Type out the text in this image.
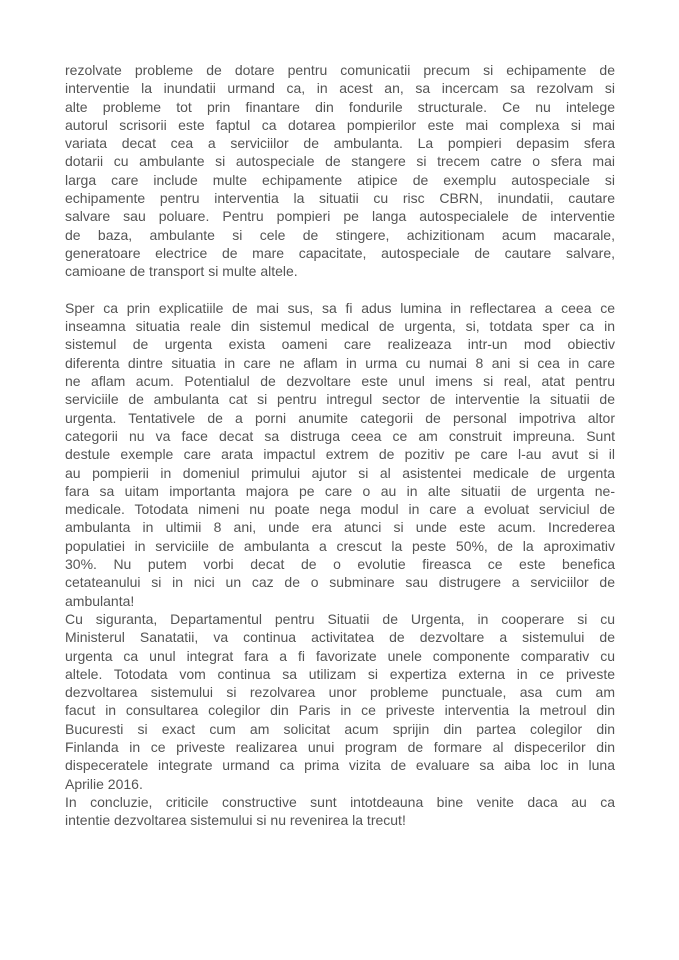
rezolvate probleme de dotare pentru comunicatii precum si echipamente de
interventie la inundatii urmand ca, in acest an, sa incercam sa rezolvam si
alte probleme tot prin finantare din fondurile structurale. Ce nu intelege
autorul scrisorii este faptul ca dotarea pompierilor este mai complexa si mai
variata decat cea a serviciilor de ambulanta. La pompieri depasim sfera
dotarii cu ambulante si autospeciale de stangere si trecem catre o sfera mai
larga care include multe echipamente atipice de exemplu autospeciale si
echipamente pentru interventia la situatii cu risc CBRN, inundatii, cautare
salvare sau poluare. Pentru pompieri pe langa autospecialele de interventie
de baza, ambulante si cele de stingere, achizitionam acum macarale,
generatoare electrice de mare capacitate, autospeciale de cautare salvare,
camioane de transport si multe altele.
Sper ca prin explicatiile de mai sus, sa fi adus lumina in reflectarea a ceea ce
inseamna situatia reale din sistemul medical de urgenta, si, totdata sper ca in
sistemul de urgenta exista oameni care realizeaza intr-un mod obiectiv
diferenta dintre situatia in care ne aflam in urma cu numai 8 ani si cea in care
ne aflam acum. Potentialul de dezvoltare este unul imens si real, atat pentru
serviciile de ambulanta cat si pentru intregul sector de interventie la situatii de
urgenta. Tentativele de a porni anumite categorii de personal impotriva altor
categorii nu va face decat sa distruga ceea ce am construit impreuna. Sunt
destule exemple care arata impactul extrem de pozitiv pe care l-au avut si il
au pompierii in domeniul primului ajutor si al asistentei medicale de urgenta
fara sa uitam importanta majora pe care o au in alte situatii de urgenta ne-
medicale. Totodata nimeni nu poate nega modul in care a evoluat serviciul de
ambulanta in ultimii 8 ani, unde era atunci si unde este acum. Increderea
populatiei in serviciile de ambulanta a crescut la peste 50%, de la aproximativ
30%. Nu putem vorbi decat de o evolutie fireasca ce este benefica
cetateanului si in nici un caz de o subminare sau distrugere a serviciilor de
ambulanta!
Cu siguranta, Departamentul pentru Situatii de Urgenta, in cooperare si cu
Ministerul Sanatatii, va continua activitatea de dezvoltare a sistemului de
urgenta ca unul integrat fara a fi favorizate unele componente comparativ cu
altele. Totodata vom continua sa utilizam si expertiza externa in ce priveste
dezvoltarea sistemului si rezolvarea unor probleme punctuale, asa cum am
facut in consultarea colegilor din Paris in ce priveste interventia la metroul din
Bucuresti si exact cum am solicitat acum sprijin din partea colegilor din
Finlanda in ce priveste realizarea unui program de formare al dispecerilor din
dispeceratele integrate urmand ca prima vizita de evaluare sa aiba loc in luna
Aprilie 2016.
In concluzie, criticile constructive sunt intotdeauna bine venite daca au ca
intentie dezvoltarea sistemului si nu revenirea la trecut!
